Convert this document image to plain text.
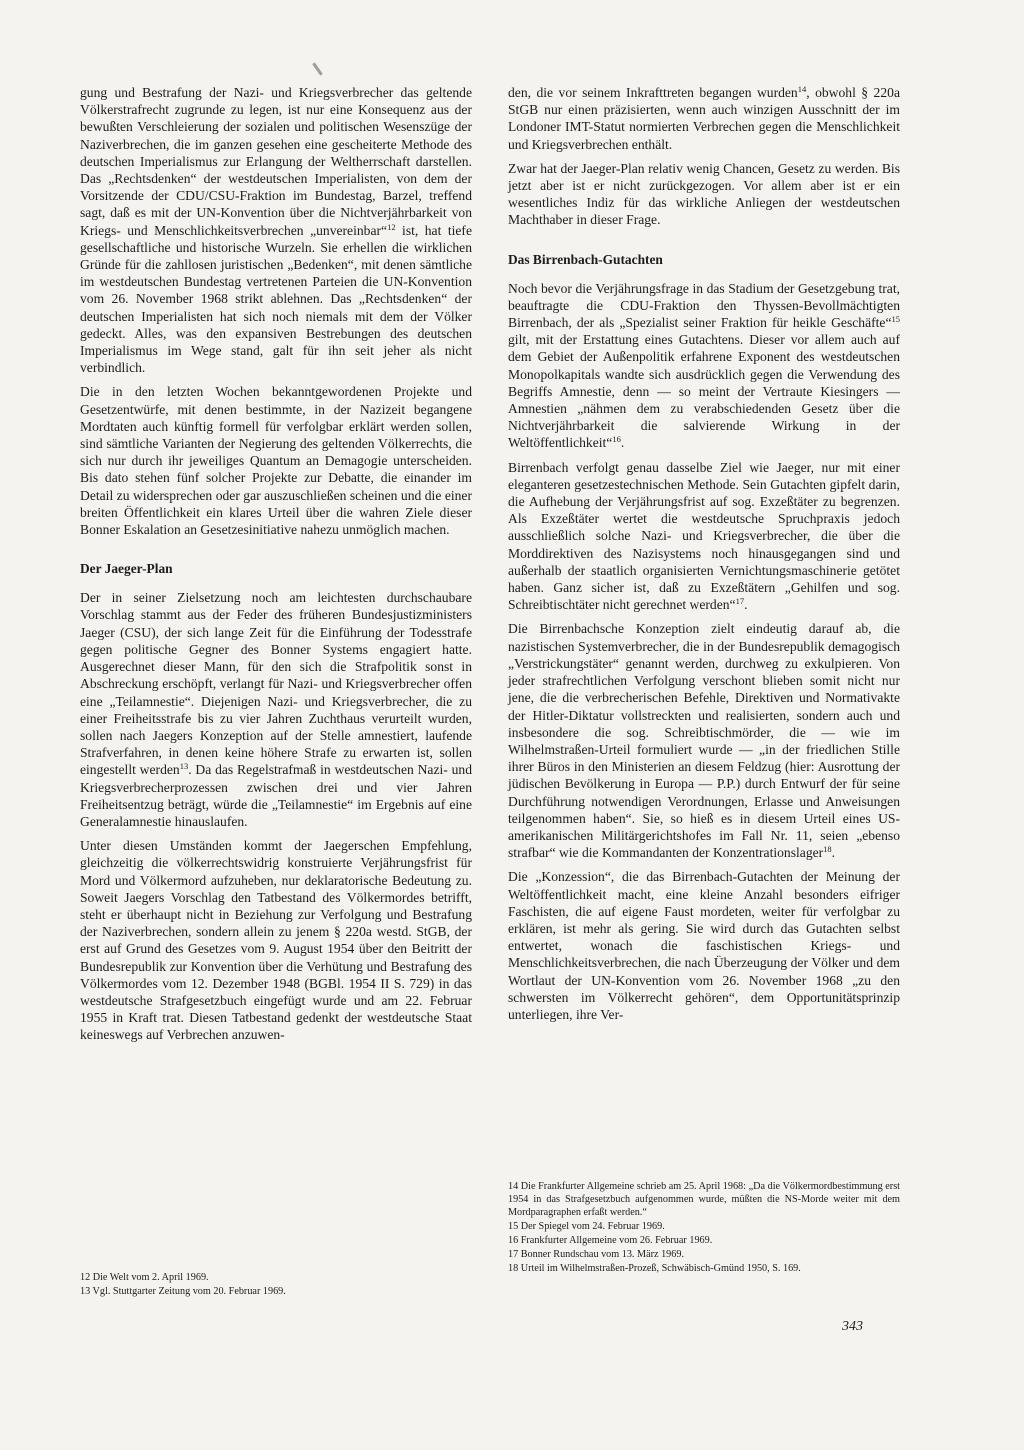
gung und Bestrafung der Nazi- und Kriegsverbrecher das geltende Völkerstrafrecht zugrunde zu legen, ist nur eine Konsequenz aus der bewußten Verschleierung der sozialen und politischen Wesenszüge der Naziverbrechen, die im ganzen gesehen eine gescheiterte Methode des deutschen Imperialismus zur Erlangung der Weltherrschaft darstellen. Das „Rechtsdenken“ der westdeutschen Imperialisten, von dem der Vorsitzende der CDU/CSU-Fraktion im Bundestag, Barzel, treffend sagt, daß es mit der UN-Konvention über die Nichtverjährbarkeit von Kriegs- und Menschlichkeitsverbrechen „unvereinbar“$^{12}$ ist, hat tiefe gesellschaftliche und historische Wurzeln. Sie erhellen die wirklichen Gründe für die zahllosen juristischen „Bedenken“, mit denen sämtliche im westdeutschen Bundestag vertretenen Parteien die UN-Konvention vom 26. November 1968 strikt ablehnen. Das „Rechtsdenken“ der deutschen Imperialisten hat sich noch niemals mit dem der Völker gedeckt. Alles, was den expansiven Bestrebungen des deutschen Imperialismus im Wege stand, galt für ihn seit jeher als nicht verbindlich.

Die in den letzten Wochen bekanntgewordenen Projekte und Gesetzentwürfe, mit denen bestimmte, in der Nazizeit begangene Mordtaten auch künftig formell für verfolgbar erklärt werden sollen, sind sämtliche Varianten der Negierung des geltenden Völkerrechts, die sich nur durch ihr jeweiliges Quantum an Demagogie unterscheiden. Bis dato stehen fünf solcher Projekte zur Debatte, die einander im Detail zu widersprechen oder gar auszuschließen scheinen und die einer breiten Öffentlichkeit ein klares Urteil über die wahren Ziele dieser Bonner Eskalation an Gesetzesinitiative nahezu unmöglich machen.

Der Jaeger-Plan

Der in seiner Zielsetzung noch am leichtesten durchschaubare Vorschlag stammt aus der Feder des früheren Bundesjustizministers Jaeger (CSU), der sich lange Zeit für die Einführung der Todesstrafe gegen politische Gegner des Bonner Systems engagiert hatte. Ausgerechnet dieser Mann, für den sich die Strafpolitik sonst in Abschreckung erschöpft, verlangt für Nazi- und Kriegsverbrecher offen eine „Teilamnestie“. Diejenigen Nazi- und Kriegsverbrecher, die zu einer Freiheitsstrafe bis zu vier Jahren Zuchthaus verurteilt wurden, sollen nach Jaegers Konzeption auf der Stelle amnestiert, laufende Strafverfahren, in denen keine höhere Strafe zu erwarten ist, sollen eingestellt werden$^{13}$. Da das Regelstrafmaß in westdeutschen Nazi- und Kriegsverbrecherprozessen zwischen drei und vier Jahren Freiheitsentzug beträgt, würde die „Teilamnestie“ im Ergebnis auf eine Generalamnestie hinauslaufen.

Unter diesen Umständen kommt der Jaegerschen Empfehlung, gleichzeitig die völkerrechtswidrig konstruierte Verjährungsfrist für Mord und Völkermord aufzuheben, nur deklaratorische Bedeutung zu. Soweit Jaegers Vorschlag den Tatbestand des Völkermordes betrifft, steht er überhaupt nicht in Beziehung zur Verfolgung und Bestrafung der Naziverbrechen, sondern allein zu jenem § 220a westd. StGB, der erst auf Grund des Gesetzes vom 9. August 1954 über den Beitritt der Bundesrepublik zur Konvention über die Verhütung und Bestrafung des Völkermordes vom 12. Dezember 1948 (BGBl. 1954 II S. 729) in das westdeutsche Strafgesetzbuch eingefügt wurde und am 22. Februar 1955 in Kraft trat. Diesen Tatbestand gedenkt der westdeutsche Staat keineswegs auf Verbrechen anzuwen-

den, die vor seinem Inkrafttreten begangen wurden$^{14}$, obwohl § 220a StGB nur einen präzisierten, wenn auch winzigen Ausschnitt der im Londoner IMT-Statut normierten Verbrechen gegen die Menschlichkeit und Kriegsverbrechen enthält.

Zwar hat der Jaeger-Plan relativ wenig Chancen, Gesetz zu werden. Bis jetzt aber ist er nicht zurückgezogen. Vor allem aber ist er ein wesentliches Indiz für das wirkliche Anliegen der westdeutschen Machthaber in dieser Frage.

Das Birrenbach-Gutachten

Noch bevor die Verjährungsfrage in das Stadium der Gesetzgebung trat, beauftragte die CDU-Fraktion den Thyssen-Bevollmächtigten Birrenbach, der als „Spezialist seiner Fraktion für heikle Geschäfte“$^{15}$ gilt, mit der Erstattung eines Gutachtens. Dieser vor allem auch auf dem Gebiet der Außenpolitik erfahrene Exponent des westdeutschen Monopolkapitals wandte sich ausdrücklich gegen die Verwendung des Begriffs Amnestie, denn — so meint der Vertraute Kiesingers — Amnestien „nähmen dem zu verabschiedenden Gesetz über die Nichtverjährbarkeit die salvierende Wirkung in der Weltöffentlichkeit“$^{16}$.

Birrenbach verfolgt genau dasselbe Ziel wie Jaeger, nur mit einer eleganteren gesetzestechnischen Methode. Sein Gutachten gipfelt darin, die Aufhebung der Verjährungsfrist auf sog. Exzeßtäter zu begrenzen. Als Exzeßtäter wertet die westdeutsche Spruchpraxis jedoch ausschließlich solche Nazi- und Kriegsverbrecher, die über die Morddirektiven des Nazisystems noch hinausgegangen sind und außerhalb der staatlich organisierten Vernichtungsmaschinerie getötet haben. Ganz sicher ist, daß zu Exzeßtätern „Gehilfen und sog. Schreibtischtäter nicht gerechnet werden“$^{17}$.

Die Birrenbachsche Konzeption zielt eindeutig darauf ab, die nazistischen Systemverbrecher, die in der Bundesrepublik demagogisch „Verstrickungstäter“ genannt werden, durchweg zu exkulpieren. Von jeder strafrechtlichen Verfolgung verschont blieben somit nicht nur jene, die die verbrecherischen Befehle, Direktiven und Normativakte der Hitler-Diktatur vollstreckten und realisierten, sondern auch und insbesondere die sog. Schreibtischmörder, die — wie im Wilhelmstraßen-Urteil formuliert wurde — „in der friedlichen Stille ihrer Büros in den Ministerien an diesem Feldzug (hier: Ausrottung der jüdischen Bevölkerung in Europa — P.P.) durch Entwurf der für seine Durchführung notwendigen Verordnungen, Erlasse und Anweisungen teilgenommen haben“. Sie, so hieß es in diesem Urteil eines US-amerikanischen Militärgerichtshofes im Fall Nr. 11, seien „ebenso strafbar“ wie die Kommandanten der Konzentrationslager$^{18}$.

Die „Konzession“, die das Birrenbach-Gutachten der Meinung der Weltöffentlichkeit macht, eine kleine Anzahl besonders eifriger Faschisten, die auf eigene Faust mordeten, weiter für verfolgbar zu erklären, ist mehr als gering. Sie wird durch das Gutachten selbst entwertet, wonach die faschistischen Kriegs- und Menschlichkeitsverbrechen, die nach Überzeugung der Völker und dem Wortlaut der UN-Konvention vom 26. November 1968 „zu den schwersten im Völkerrecht gehören“, dem Opportunitätsprinzip unterliegen, ihre Ver-

12 Die Welt vom 2. April 1969.

13 Vgl. Stuttgarter Zeitung vom 20. Februar 1969.

14 Die Frankfurter Allgemeine schrieb am 25. April 1968: „Da die Völkermordbestimmung erst 1954 in das Strafgesetzbuch aufgenommen wurde, müßten die NS-Morde weiter mit dem Mordparagraphen erfaßt werden.“

15 Der Spiegel vom 24. Februar 1969.

16 Frankfurter Allgemeine vom 26. Februar 1969.

17 Bonner Rundschau vom 13. März 1969.

18 Urteil im Wilhelmstraßen-Prozeß, Schwäbisch-Gmünd 1950, S. 169.

343
